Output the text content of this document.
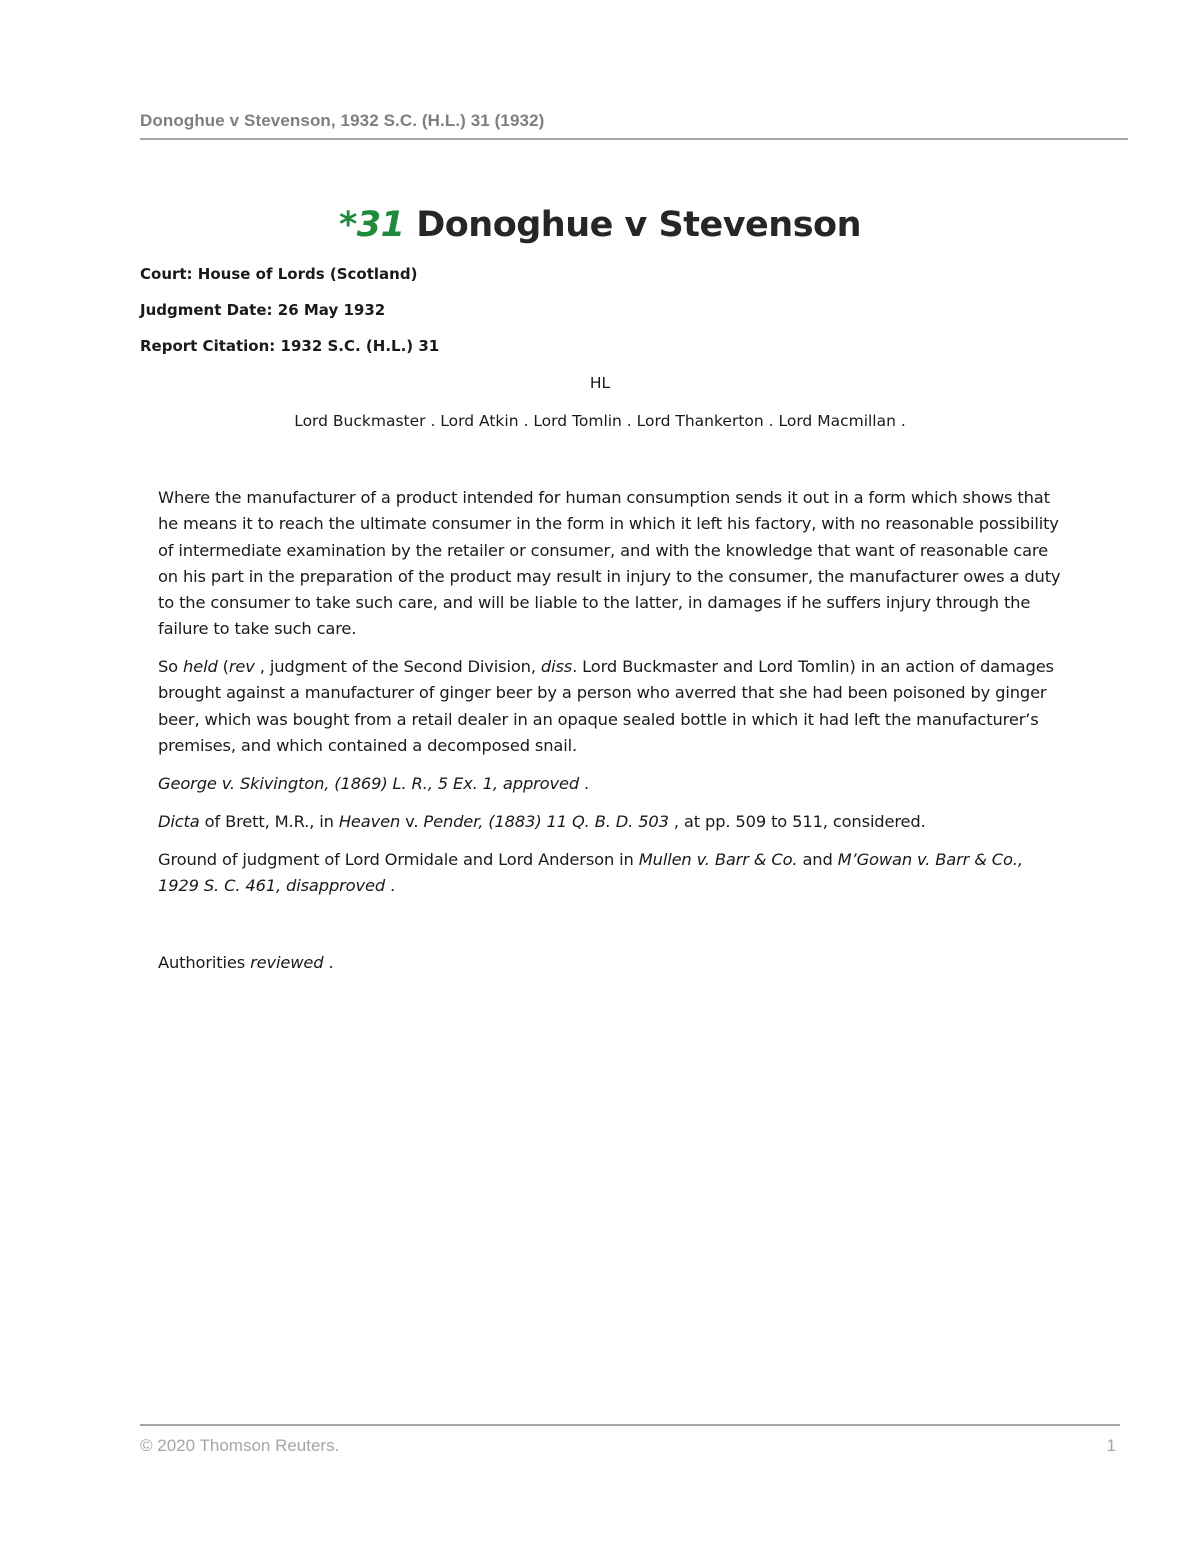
Donoghue v Stevenson, 1932 S.C. (H.L.) 31 (1932)
*31 Donoghue v Stevenson
Court: House of Lords (Scotland)
Judgment Date: 26 May 1932
Report Citation: 1932 S.C. (H.L.) 31
HL
Lord Buckmaster . Lord Atkin . Lord Tomlin . Lord Thankerton . Lord Macmillan .

Where the manufacturer of a product intended for human consumption sends it out in a form which shows that he means it to reach the ultimate consumer in the form in which it left his factory, with no reasonable possibility of intermediate examination by the retailer or consumer, and with the knowledge that want of reasonable care on his part in the preparation of the product may result in injury to the consumer, the manufacturer owes a duty to the consumer to take such care, and will be liable to the latter, in damages if he suffers injury through the failure to take such care.

So held (rev , judgment of the Second Division, diss. Lord Buckmaster and Lord Tomlin) in an action of damages brought against a manufacturer of ginger beer by a person who averred that she had been poisoned by ginger beer, which was bought from a retail dealer in an opaque sealed bottle in which it had left the manufacturer’s premises, and which contained a decomposed snail.

George v. Skivington, (1869) L. R., 5 Ex. 1, approved .

Dicta of Brett, M.R., in Heaven v. Pender, (1883) 11 Q. B. D. 503 , at pp. 509 to 511, considered.

Ground of judgment of Lord Ormidale and Lord Anderson in Mullen v. Barr & Co. and M’Gowan v. Barr & Co., 1929 S. C. 461, disapproved .

Authorities reviewed .

© 2020 Thomson Reuters.	1
